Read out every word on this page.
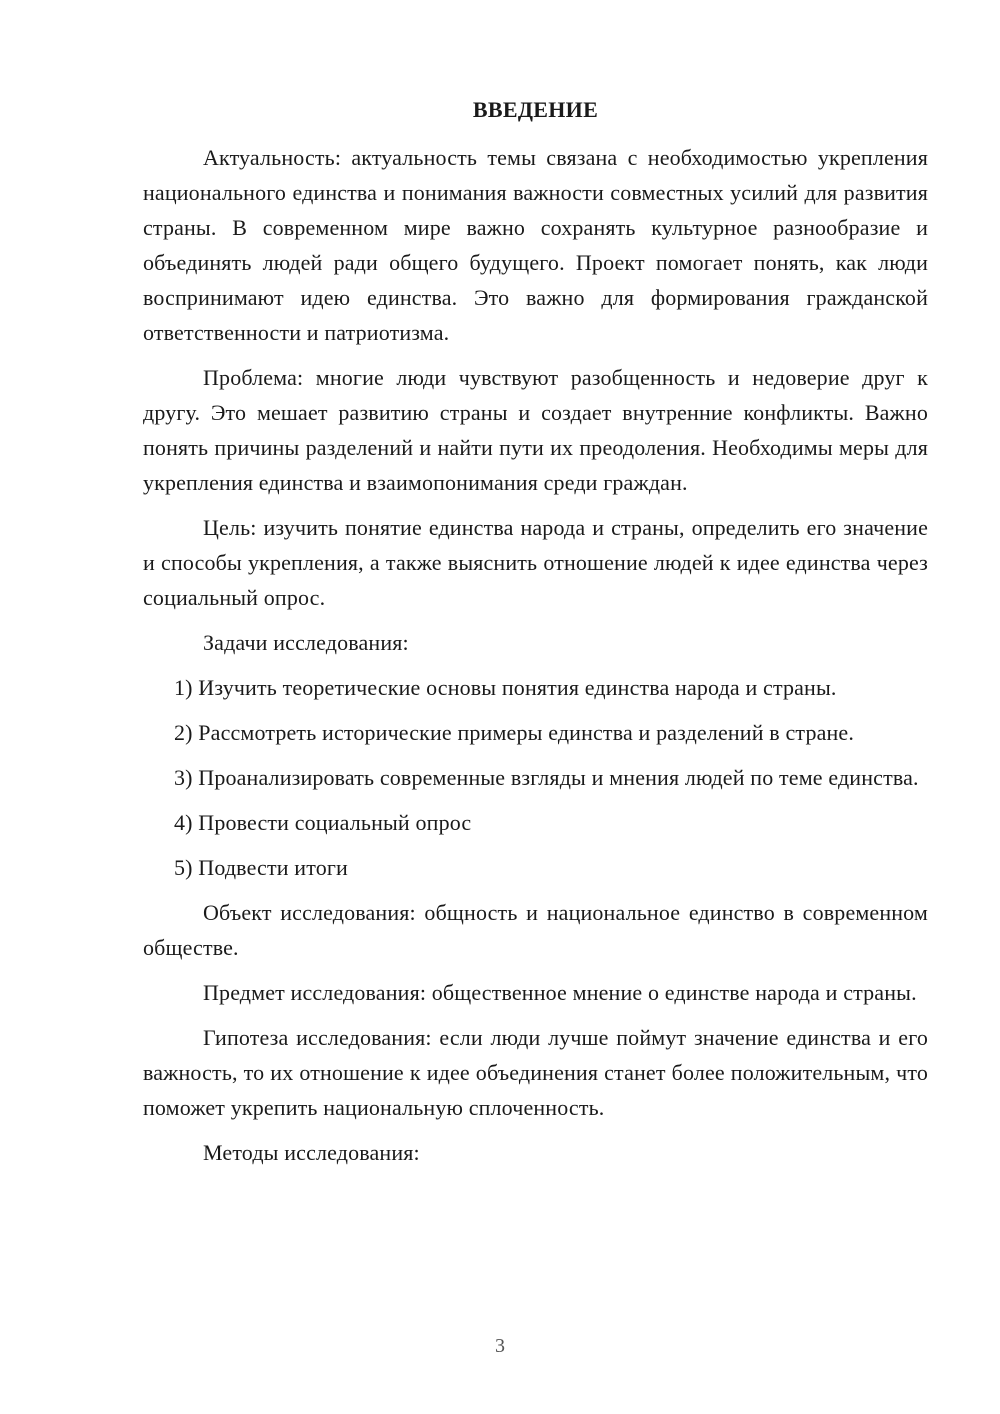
ВВЕДЕНИЕ

Актуальность: актуальность темы связана с необходимостью укрепления национального единства и понимания важности совместных усилий для развития страны. В современном мире важно сохранять культурное разнообразие и объединять людей ради общего будущего. Проект помогает понять, как люди воспринимают идею единства. Это важно для формирования гражданской ответственности и патриотизма.

Проблема: многие люди чувствуют разобщенность и недоверие друг к другу. Это мешает развитию страны и создает внутренние конфликты. Важно понять причины разделений и найти пути их преодоления. Необходимы меры для укрепления единства и взаимопонимания среди граждан.

Цель: изучить понятие единства народа и страны, определить его значение и способы укрепления, а также выяснить отношение людей к идее единства через социальный опрос.

Задачи исследования:

1) Изучить теоретические основы понятия единства народа и страны.

2) Рассмотреть исторические примеры единства и разделений в стране.

3) Проанализировать современные взгляды и мнения людей по теме единства.

4) Провести социальный опрос

5) Подвести итоги

Объект исследования: общность и национальное единство в современном обществе.

Предмет исследования: общественное мнение о единстве народа и страны.

Гипотеза исследования: если люди лучше поймут значение единства и его важность, то их отношение к идее объединения станет более положительным, что поможет укрепить национальную сплоченность.

Методы исследования:

3
